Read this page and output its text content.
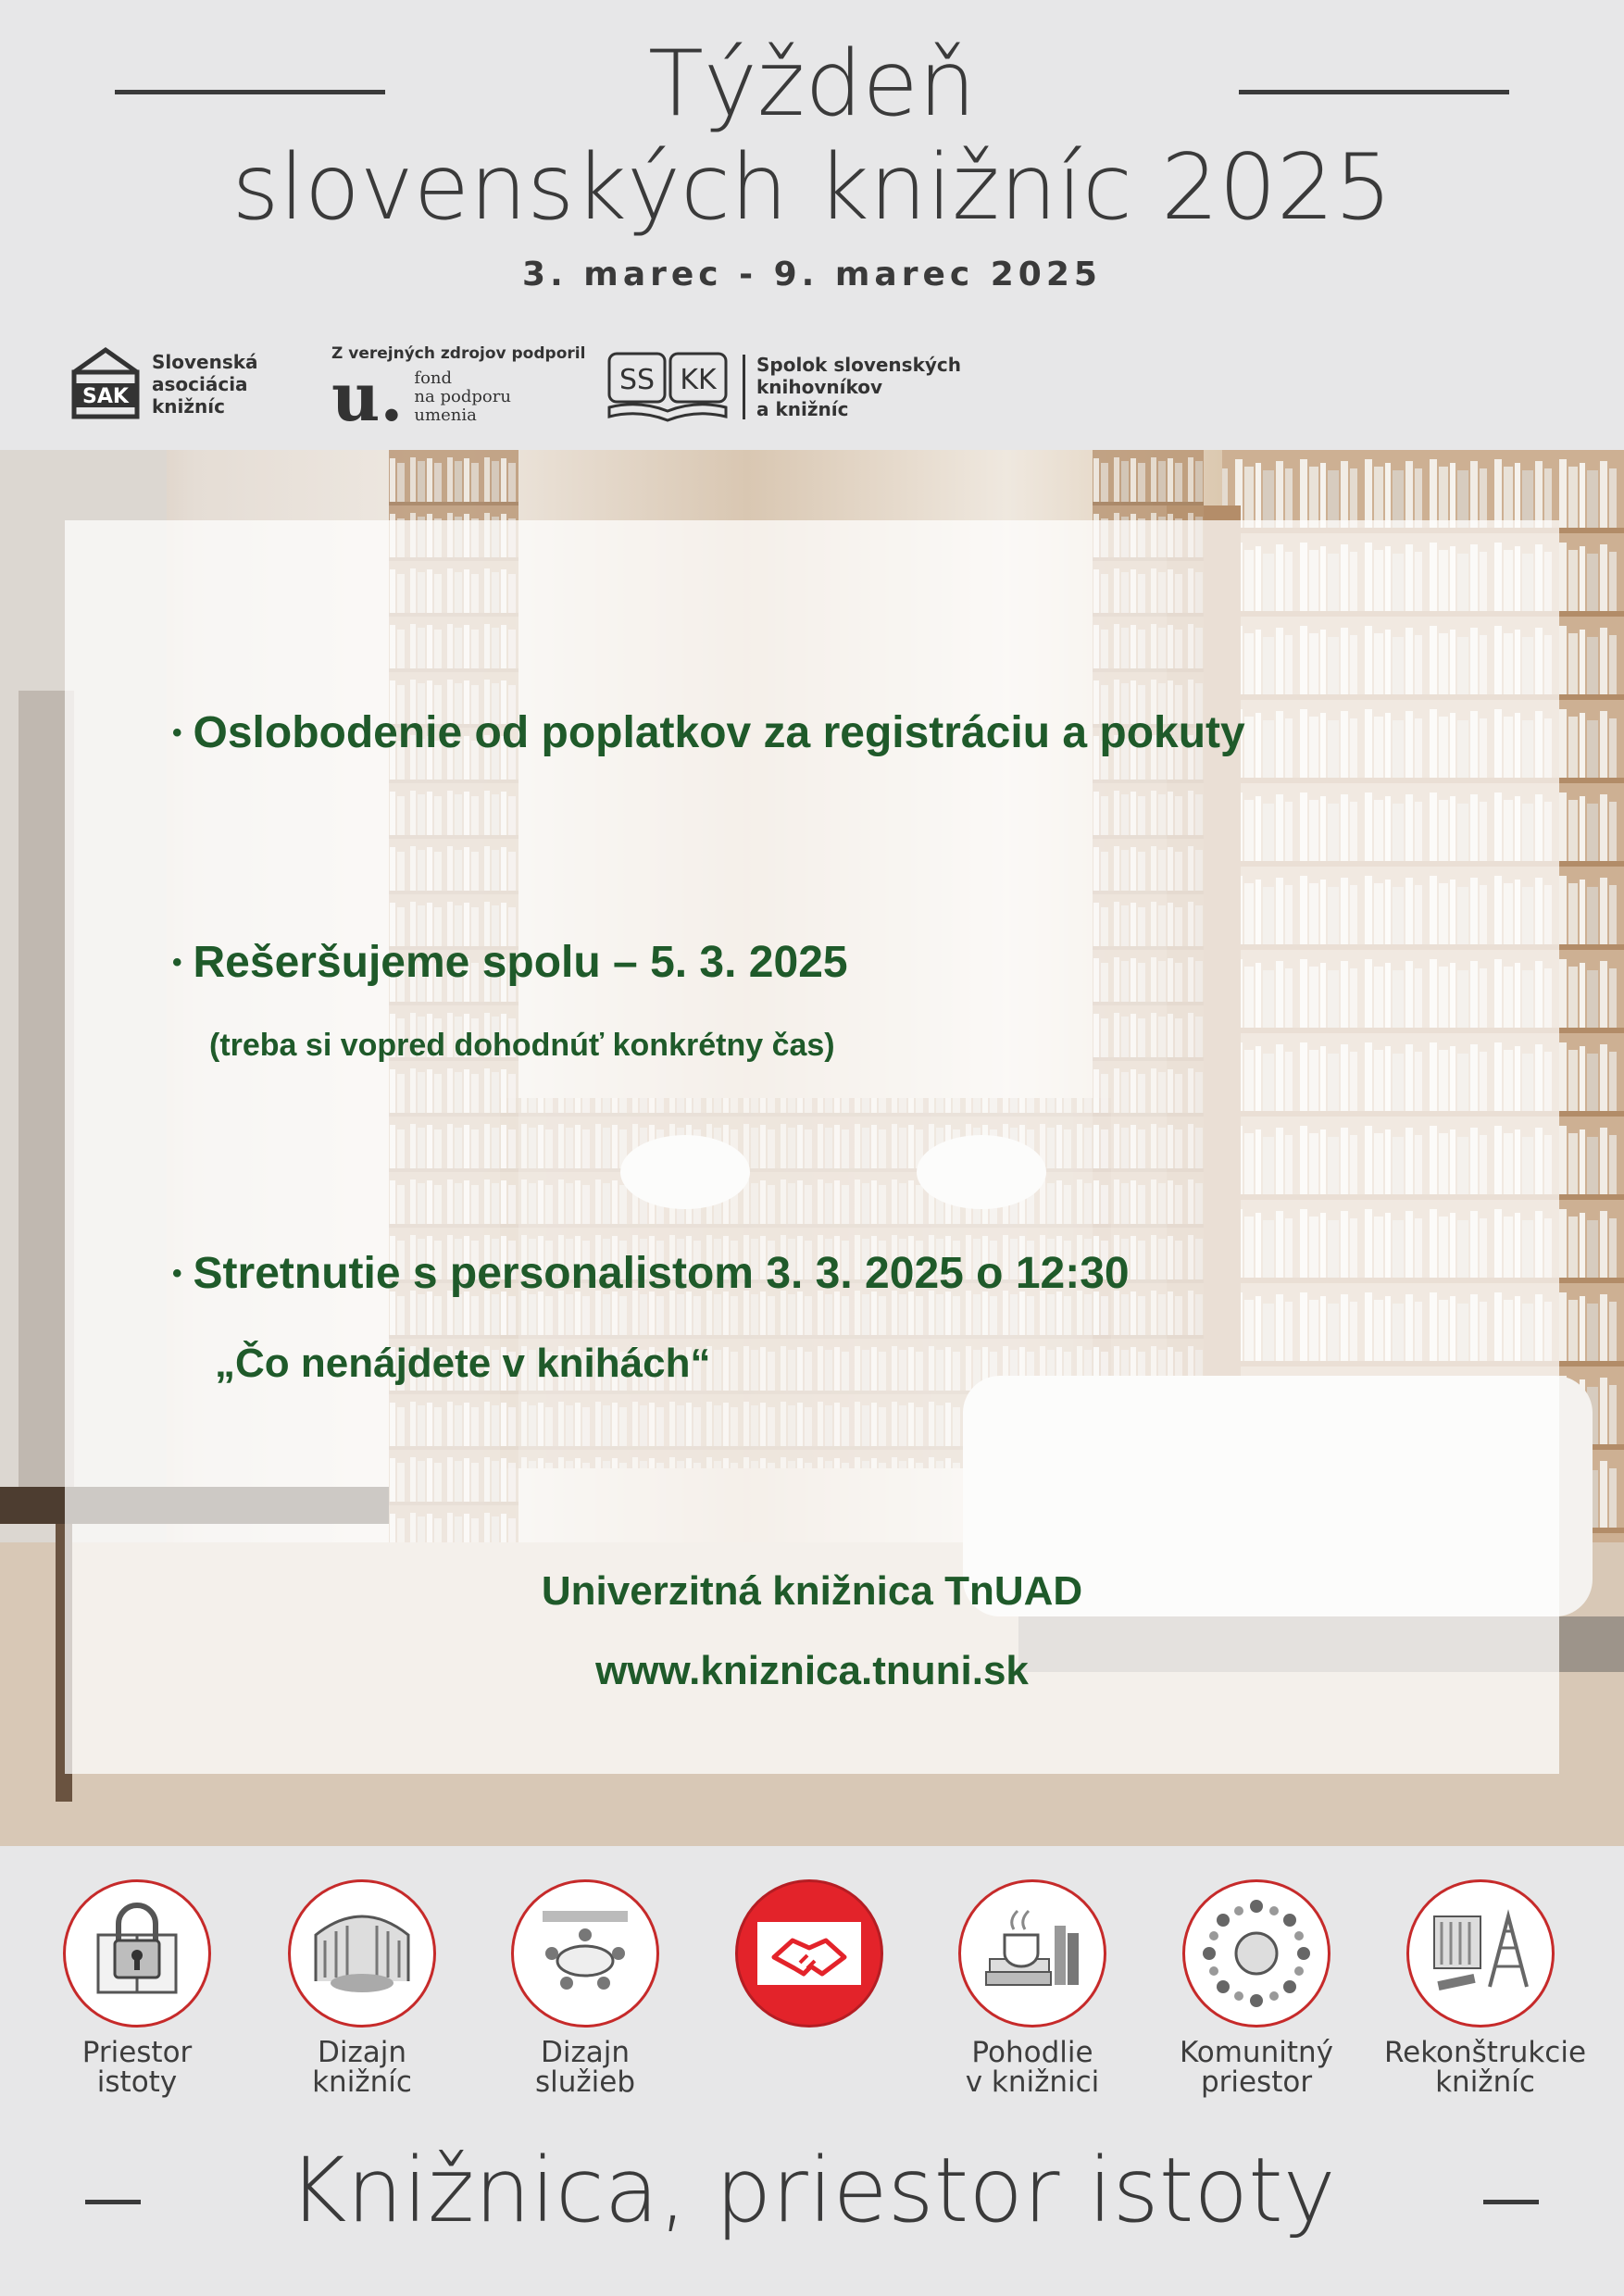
Týždeň
slovenských knižníc 2025
3. marec - 9. marec 2025
SAK
Slovenská
asociácia
knižníc
Z verejných zdrojov podporil
u. fond
na podporu
umenia
SS KK Spolok slovenských
knihovníkov
a knižníc
• Oslobodenie od poplatkov za registráciu a pokuty
• Rešeršujeme spolu – 5. 3. 2025
(treba si vopred dohodnúť konkrétny čas)
• Stretnutie s personalistom 3. 3. 2025 o 12:30
„Čo nenájdete v knihách“
Univerzitná knižnica TnUAD
www.kniznica.tnuni.sk
Priestor
istoty
Dizajn
knižníc
Dizajn
služieb
Pohodlie
v knižnici
Komunitný
priestor
Rekonštrukcie
knižníc
Knižnica, priestor istoty
